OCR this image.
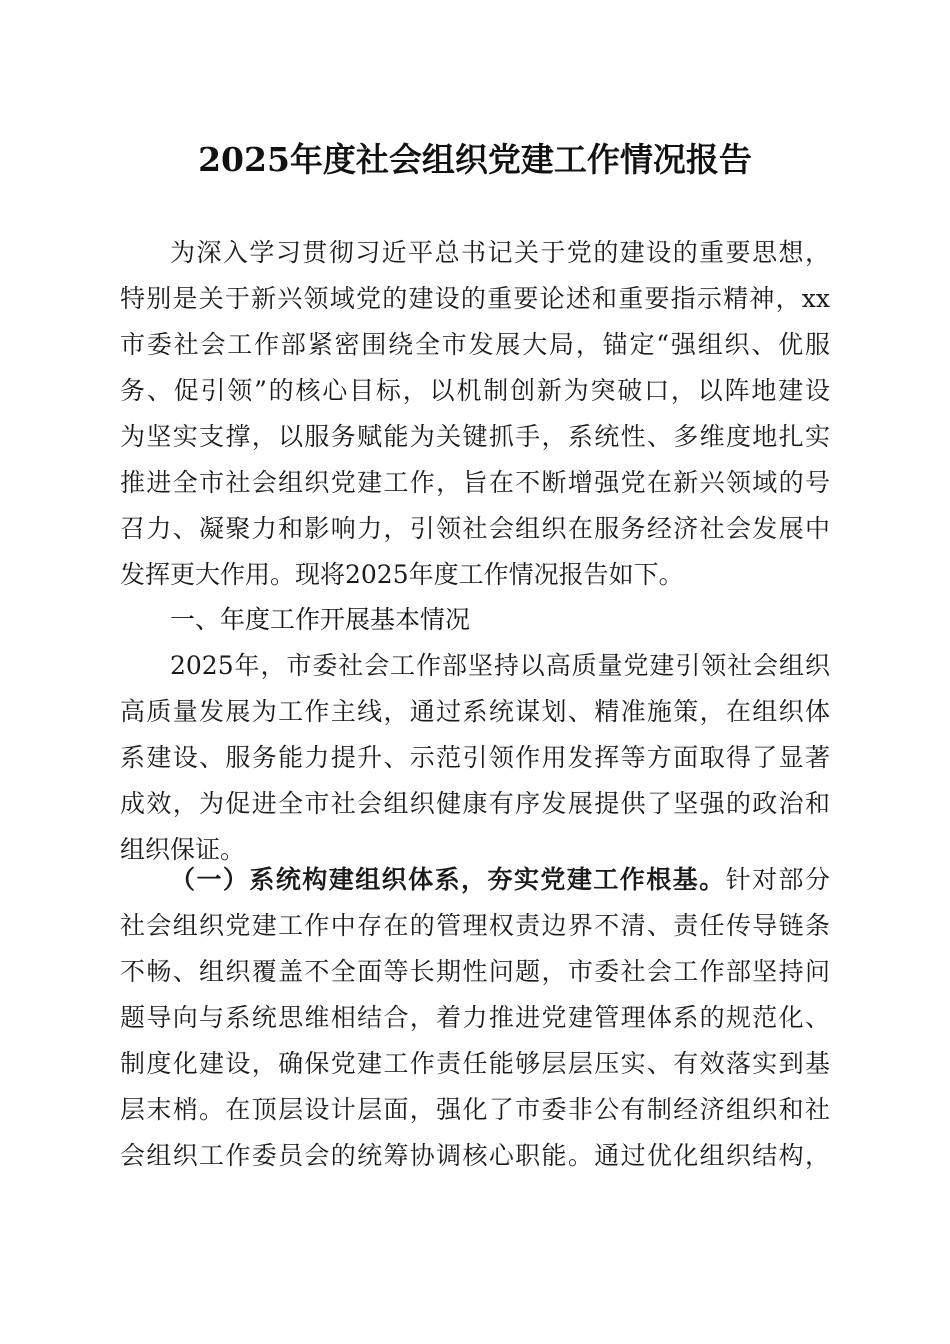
2025年度社会组织党建工作情况报告
为深入学习贯彻习近平总书记关于党的建设的重要思想，
特别是关于新兴领域党的建设的重要论述和重要指示精神，xx
市委社会工作部紧密围绕全市发展大局，锚定“强组织、优服
务、促引领”的核心目标，以机制创新为突破口，以阵地建设
为坚实支撑，以服务赋能为关键抓手，系统性、多维度地扎实
推进全市社会组织党建工作，旨在不断增强党在新兴领域的号
召力、凝聚力和影响力，引领社会组织在服务经济社会发展中
发挥更大作用。现将2025年度工作情况报告如下。
一、年度工作开展基本情况
2025年，市委社会工作部坚持以高质量党建引领社会组织
高质量发展为工作主线，通过系统谋划、精准施策，在组织体
系建设、服务能力提升、示范引领作用发挥等方面取得了显著
成效，为促进全市社会组织健康有序发展提供了坚强的政治和
组织保证。
（一）系统构建组织体系，夯实党建工作根基。针对部分
社会组织党建工作中存在的管理权责边界不清、责任传导链条
不畅、组织覆盖不全面等长期性问题，市委社会工作部坚持问
题导向与系统思维相结合，着力推进党建管理体系的规范化、
制度化建设，确保党建工作责任能够层层压实、有效落实到基
层末梢。在顶层设计层面，强化了市委非公有制经济组织和社
会组织工作委员会的统筹协调核心职能。通过优化组织结构，
